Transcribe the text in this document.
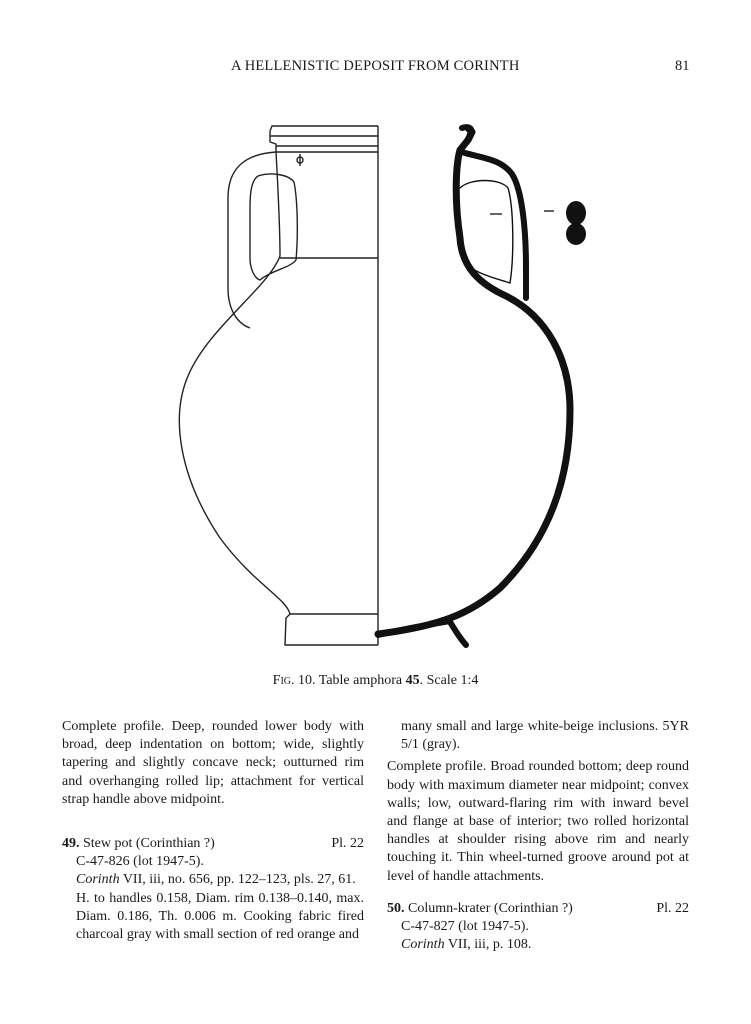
A HELLENISTIC DEPOSIT FROM CORINTH	81
Fig. 10. Table amphora 45. Scale 1:4

Complete profile. Deep, rounded lower body with broad, deep indentation on bottom; wide, slightly tapering and slightly concave neck; outturned rim and overhanging rolled lip; attachment for vertical strap handle above midpoint.

49. Stew pot (Corinthian ?)	Pl. 22

C-47-826 (lot 1947-5).

Corinth VII, iii, no. 656, pp. 122–123, pls. 27, 61.

H. to handles 0.158, Diam. rim 0.138–0.140, max. Diam. 0.186, Th. 0.006 m. Cooking fabric fired charcoal gray with small section of red orange and

many small and large white-beige inclusions. 5YR 5/1 (gray).

Complete profile. Broad rounded bottom; deep round body with maximum diameter near midpoint; convex walls; low, outward-flaring rim with inward bevel and flange at base of interior; two rolled horizontal handles at shoulder rising above rim and nearly touching it. Thin wheel-turned groove around pot at level of handle attachments.

50. Column-krater (Corinthian ?)	Pl. 22

C-47-827 (lot 1947-5).

Corinth VII, iii, p. 108.
